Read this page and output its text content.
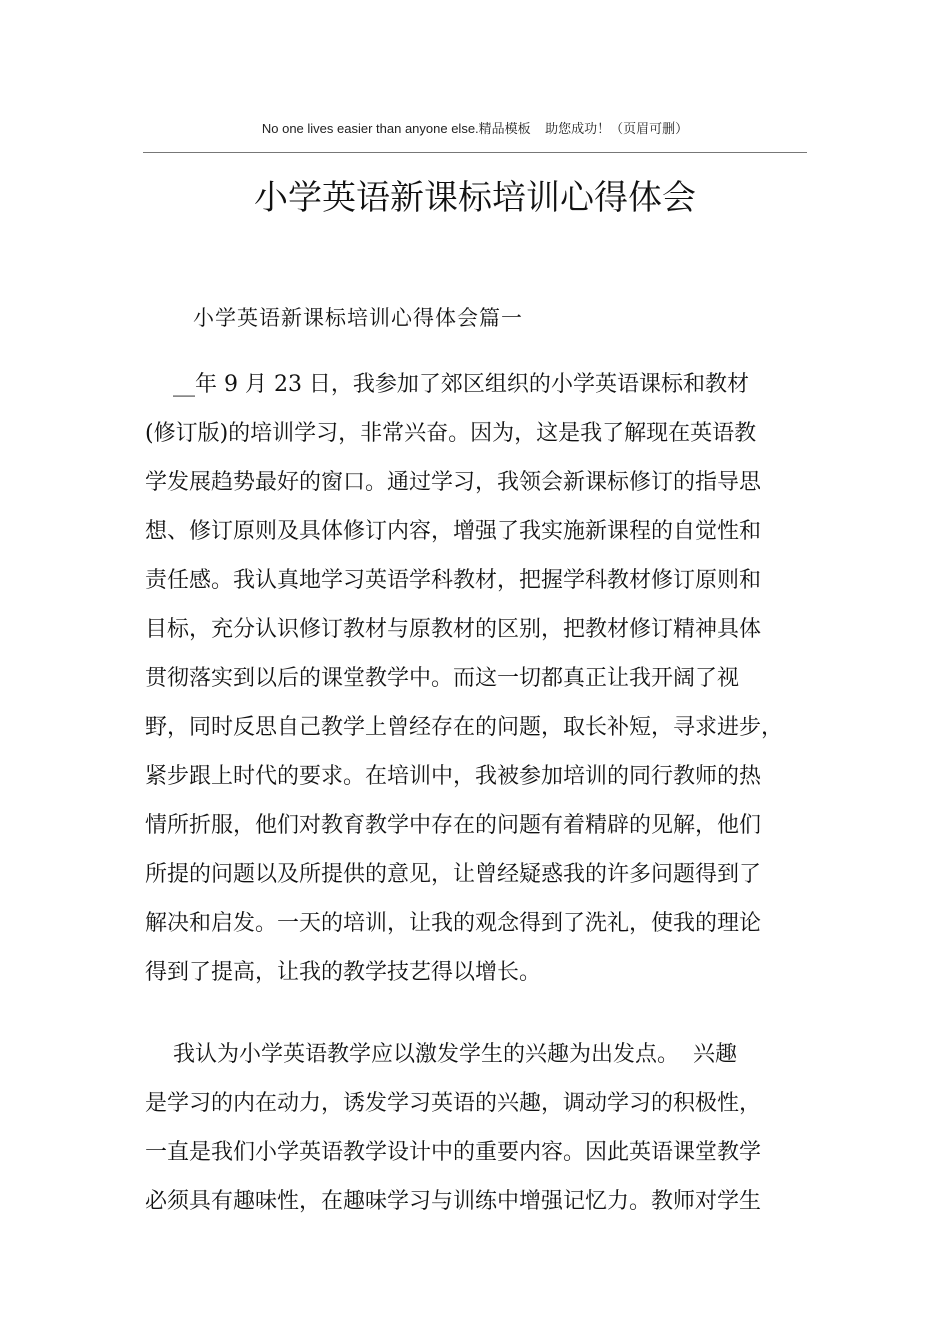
No one lives easier than anyone else.精品模板    助您成功！（页眉可删）
小学英语新课标培训心得体会
小学英语新课标培训心得体会篇一
__年 9 月 23 日，我参加了郊区组织的小学英语课标和教材
(修订版)的培训学习，非常兴奋。因为，这是我了解现在英语教
学发展趋势最好的窗口。通过学习，我领会新课标修订的指导思
想、修订原则及具体修订内容，增强了我实施新课程的自觉性和
责任感。我认真地学习英语学科教材，把握学科教材修订原则和
目标，充分认识修订教材与原教材的区别，把教材修订精神具体
贯彻落实到以后的课堂教学中。而这一切都真正让我开阔了视
野，同时反思自己教学上曾经存在的问题，取长补短，寻求进步，
紧步跟上时代的要求。在培训中，我被参加培训的同行教师的热
情所折服，他们对教育教学中存在的问题有着精辟的见解，他们
所提的问题以及所提供的意见，让曾经疑惑我的许多问题得到了
解决和启发。一天的培训，让我的观念得到了洗礼，使我的理论
得到了提高，让我的教学技艺得以增长。
我认为小学英语教学应以激发学生的兴趣为出发点。  兴趣
是学习的内在动力，诱发学习英语的兴趣，调动学习的积极性，
一直是我们小学英语教学设计中的重要内容。因此英语课堂教学
必须具有趣味性，在趣味学习与训练中增强记忆力。教师对学生
